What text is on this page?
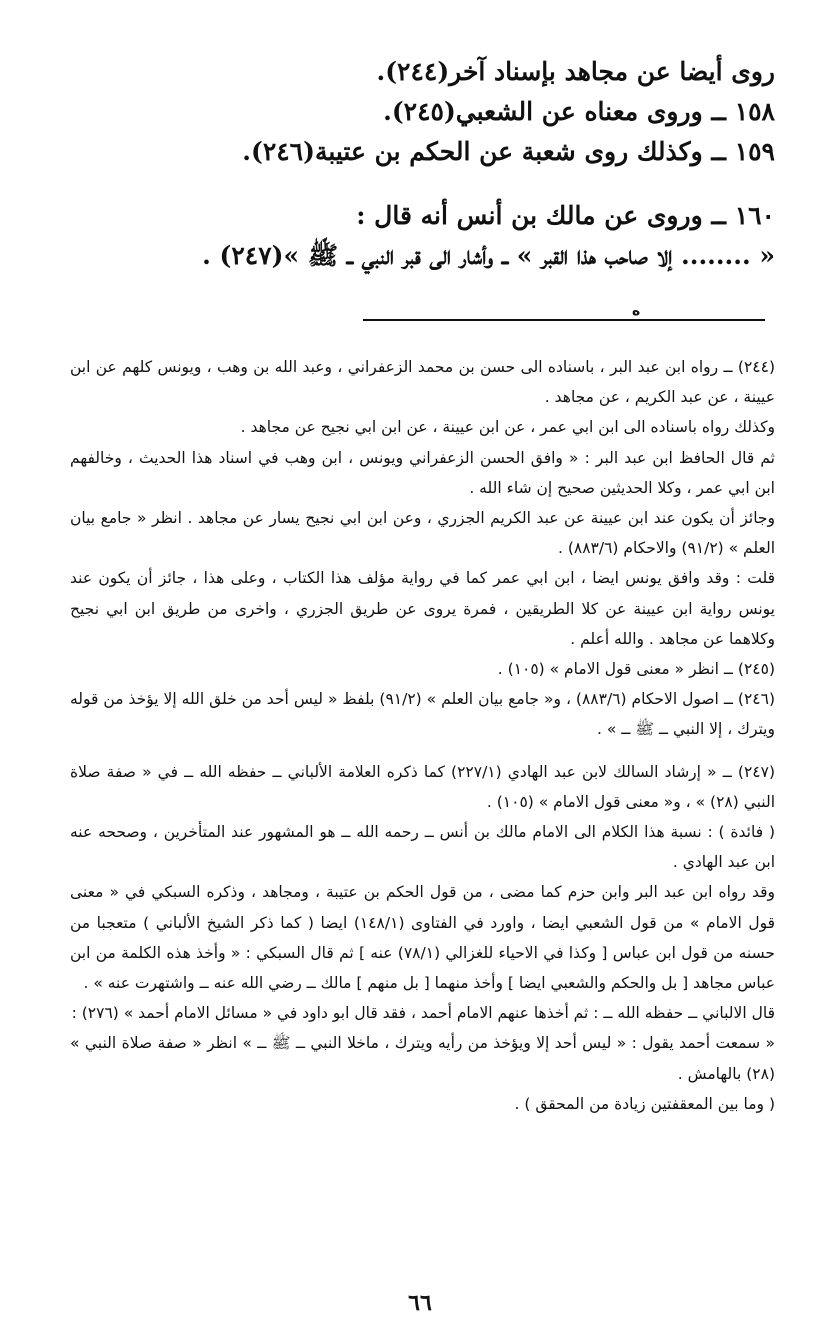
روى أيضا عن مجاهد بإسناد آخر(٢٤٤).

١٥٨ ــ وروى معناه عن الشعبي(٢٤٥).

١٥٩ ــ وكذلك روى شعبة عن الحكم بن عتيبة(٢٤٦).

١٦٠ ــ وروى عن مالك بن أنس أنه قال :

« ........ إلا صاحب هذا القبر » ــ وأشار الى قبر النبي ــ ﷺ »(٢٤٧) .

ه

(٢٤٤) ــ رواه ابن عبد البر ، باسناده الى حسن بن محمد الزعفراني ، وعبد الله بن وهب ، ويونس كلهم عن ابن عيينة ، عن عبد الكريم ، عن مجاهد .

وكذلك رواه باسناده الى ابن ابي عمر ، عن ابن عيينة ، عن ابن ابي نجيح عن مجاهد .

ثم قال الحافظ ابن عبد البر : « وافق الحسن الزعفراني ويونس ، ابن وهب في اسناد هذا الحديث ، وخالفهم ابن ابي عمر ، وكلا الحديثين صحيح إن شاء الله .

وجائز أن يكون عند ابن عيينة عن عبد الكريم الجزري ، وعن ابن ابي نجيح يسار عن مجاهد . انظر « جامع بيان العلم » (٩١/٢) والاحكام (٨٨٣/٦) .

قلت : وقد وافق يونس ايضا ، ابن ابي عمر كما في رواية مؤلف هذا الكتاب ، وعلى هذا ، جائز أن يكون عند يونس رواية ابن عيينة عن كلا الطريقين ، فمرة يروى عن طريق الجزري ، واخرى من طريق ابن ابي نجيح وكلاهما عن مجاهد . والله أعلم .

(٢٤٥) ــ انظر « معنى قول الامام » (١٠٥) .

(٢٤٦) ــ اصول الاحكام (٨٨٣/٦) ، و« جامع بيان العلم » (٩١/٢) بلفظ « ليس أحد من خلق الله إلا يؤخذ من قوله ويترك ، إلا النبي ــ ﷺ ــ » .

(٢٤٧) ــ « إرشاد السالك لابن عبد الهادي (٢٢٧/١) كما ذكره العلامة الألباني ــ حفظه الله ــ في « صفة صلاة النبي (٢٨) » ، و« معنى قول الامام » (١٠٥) .

( فائدة ) : نسبة هذا الكلام الى الامام مالك بن أنس ــ رحمه الله ــ هو المشهور عند المتأخرين ، وصححه عنه ابن عبد الهادي .

وقد رواه ابن عبد البر وابن حزم كما مضى ، من قول الحكم بن عتيبة ، ومجاهد ، وذكره السبكي في « معنى قول الامام » من قول الشعبي ايضا ، واورد في الفتاوى (١٤٨/١) ايضا ( كما ذكر الشيخ الألباني ) متعجبا من حسنه من قول ابن عباس [ وكذا في الاحياء للغزالي (٧٨/١) عنه ] ثم قال السبكي : « وأخذ هذه الكلمة من ابن عباس مجاهد [ بل والحكم والشعبي ايضا ] وأخذ منهما [ بل منهم ] مالك ــ رضي الله عنه ــ واشتهرت عنه » .

قال الالباني ــ حفظه الله ــ : ثم أخذها عنهم الامام أحمد ، فقد قال ابو داود في « مسائل الامام أحمد » (٢٧٦) :

« سمعت أحمد يقول : « ليس أحد إلا ويؤخذ من رأيه ويترك ، ماخلا النبي ــ ﷺ ــ » انظر « صفة صلاة النبي » (٢٨) بالهامش .

( وما بين المعقفتين زيادة من المحقق ) .

٦٦
